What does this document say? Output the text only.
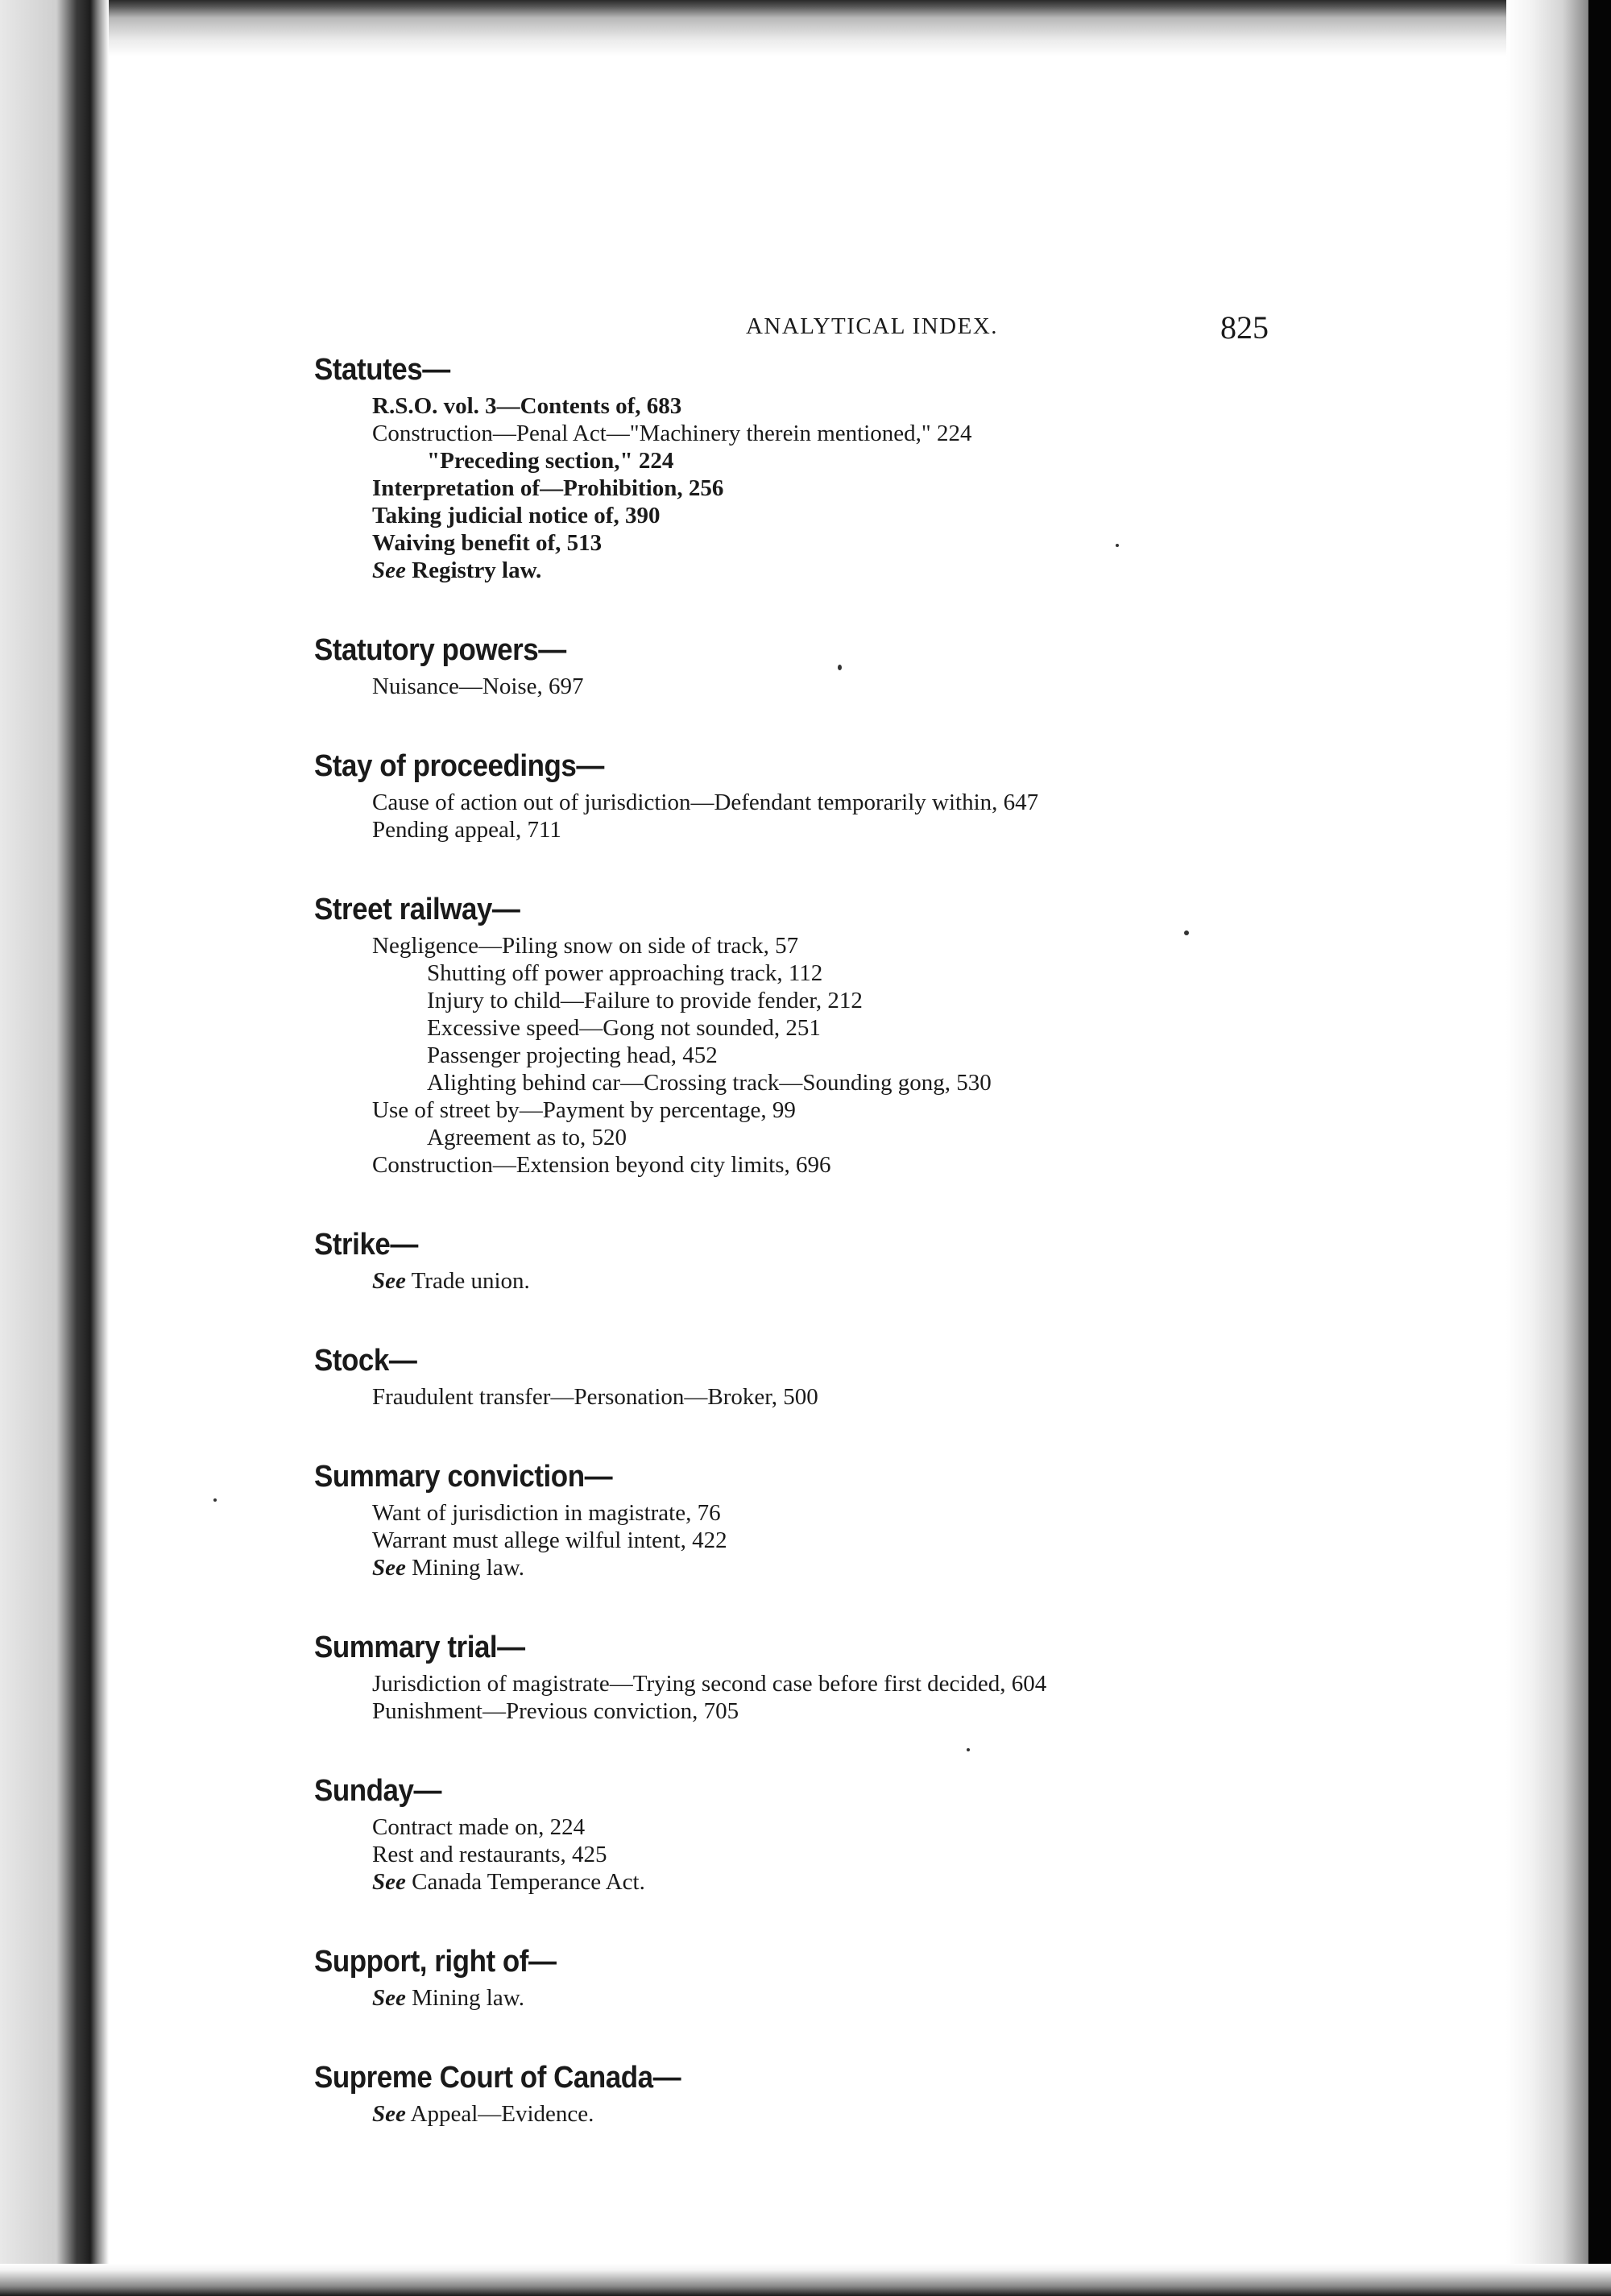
ANALYTICAL INDEX.	825
Statutes—
R.S.O. vol. 3—Contents of, 683
Construction—Penal Act—"Machinery therein mentioned," 224
"Preceding section," 224
Interpretation of—Prohibition, 256
Taking judicial notice of, 390
Waiving benefit of, 513
See Registry law.
Statutory powers—
Nuisance—Noise, 697
Stay of proceedings—
Cause of action out of jurisdiction—Defendant temporarily within, 647
Pending appeal, 711
Street railway—
Negligence—Piling snow on side of track, 57
Shutting off power approaching track, 112
Injury to child—Failure to provide fender, 212
Excessive speed—Gong not sounded, 251
Passenger projecting head, 452
Alighting behind car—Crossing track—Sounding gong, 530
Use of street by—Payment by percentage, 99
Agreement as to, 520
Construction—Extension beyond city limits, 696
Strike—
See Trade union.
Stock—
Fraudulent transfer—Personation—Broker, 500
Summary conviction—
Want of jurisdiction in magistrate, 76
Warrant must allege wilful intent, 422
See Mining law.
Summary trial—
Jurisdiction of magistrate—Trying second case before first decided, 604
Punishment—Previous conviction, 705
Sunday—
Contract made on, 224
Rest and restaurants, 425
See Canada Temperance Act.
Support, right of—
See Mining law.
Supreme Court of Canada—
See Appeal—Evidence.
